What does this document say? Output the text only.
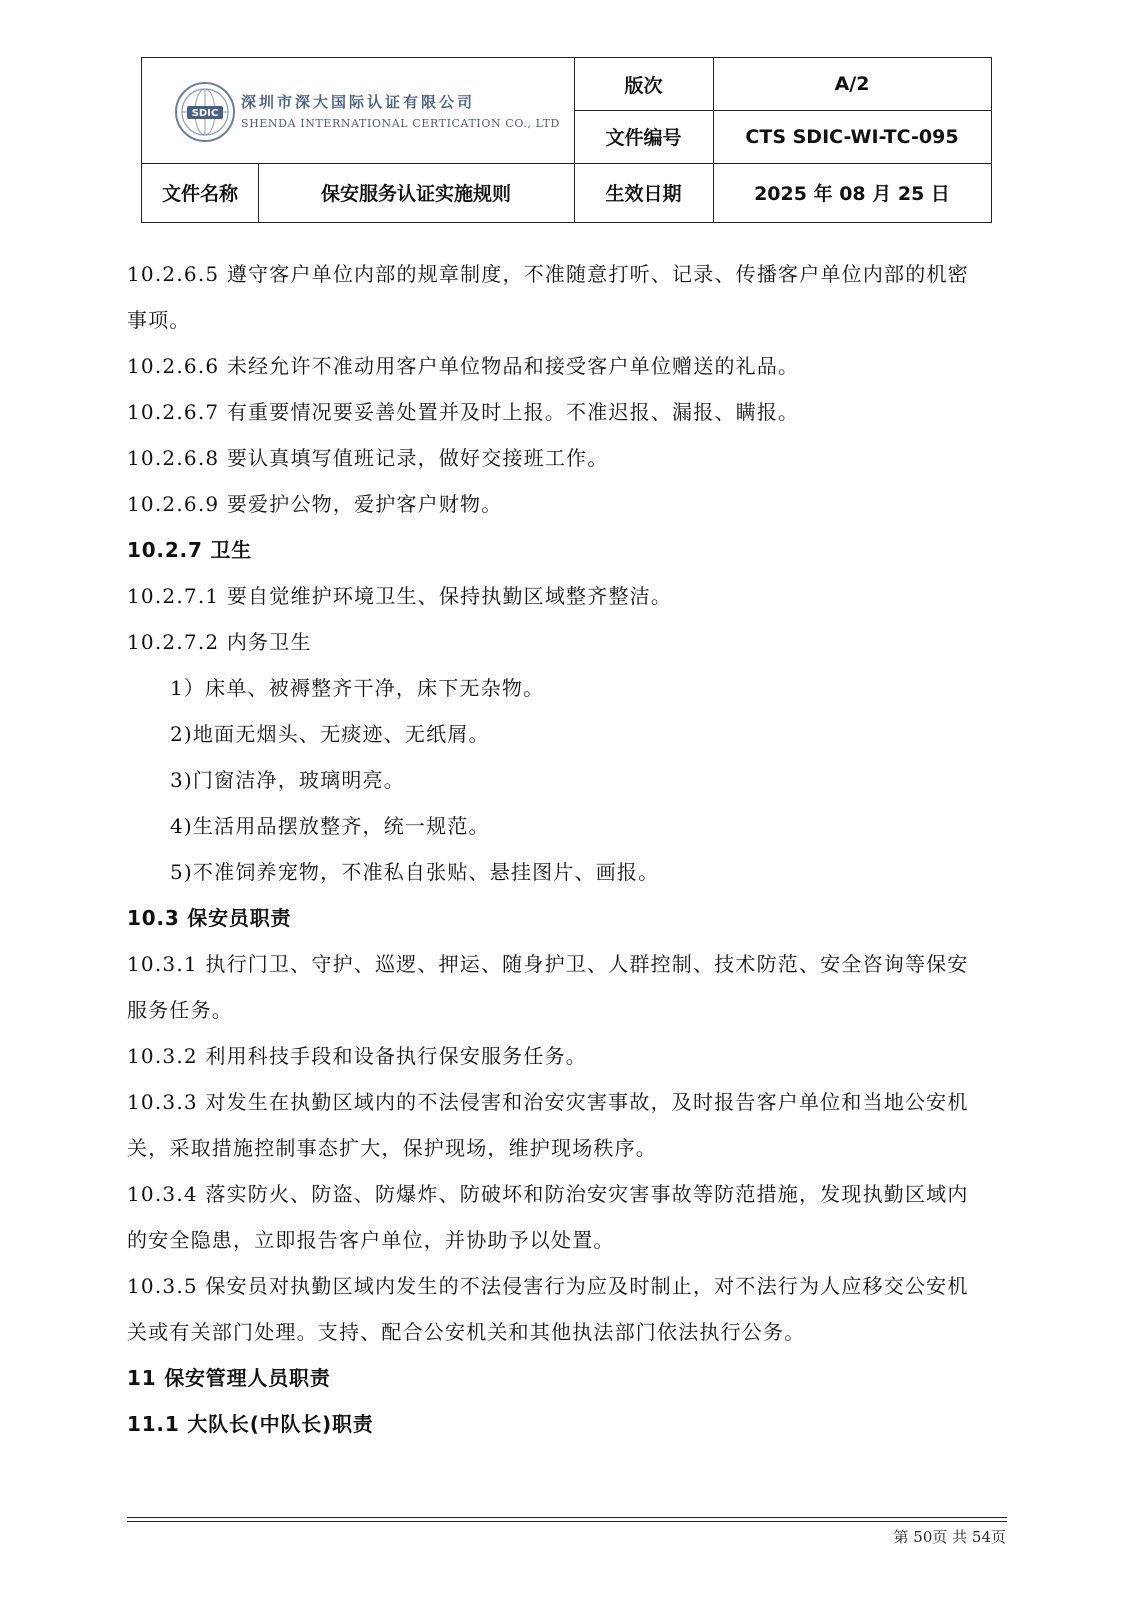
SDIC
深圳市深大国际认证有限公司
SHENDA INTERNATIONAL CERTICATION CO., LTD
版次	A/2
文件编号	CTS SDIC-WI-TC-095
文件名称	保安服务认证实施规则	生效日期	2025 年 08 月 25 日
10.2.6.5 遵守客户单位内部的规章制度，不准随意打听、记录、传播客户单位内部的机密
事项。
10.2.6.6 未经允许不准动用客户单位物品和接受客户单位赠送的礼品。
10.2.6.7 有重要情况要妥善处置并及时上报。不准迟报、漏报、瞒报。
10.2.6.8 要认真填写值班记录，做好交接班工作。
10.2.6.9 要爱护公物，爱护客户财物。
10.2.7 卫生
10.2.7.1 要自觉维护环境卫生、保持执勤区域整齐整洁。
10.2.7.2 内务卫生
1）床单、被褥整齐干净，床下无杂物。
2)地面无烟头、无痰迹、无纸屑。
3)门窗洁净，玻璃明亮。
4)生活用品摆放整齐，统一规范。
5)不准饲养宠物，不准私自张贴、悬挂图片、画报。
10.3 保安员职责
10.3.1 执行门卫、守护、巡逻、押运、随身护卫、人群控制、技术防范、安全咨询等保安
服务任务。
10.3.2 利用科技手段和设备执行保安服务任务。
10.3.3 对发生在执勤区域内的不法侵害和治安灾害事故，及时报告客户单位和当地公安机
关，采取措施控制事态扩大，保护现场，维护现场秩序。
10.3.4 落实防火、防盗、防爆炸、防破坏和防治安灾害事故等防范措施，发现执勤区域内
的安全隐患，立即报告客户单位，并协助予以处置。
10.3.5 保安员对执勤区域内发生的不法侵害行为应及时制止，对不法行为人应移交公安机
关或有关部门处理。支持、配合公安机关和其他执法部门依法执行公务。
11 保安管理人员职责
11.1 大队长(中队长)职责
第 50页 共 54页
